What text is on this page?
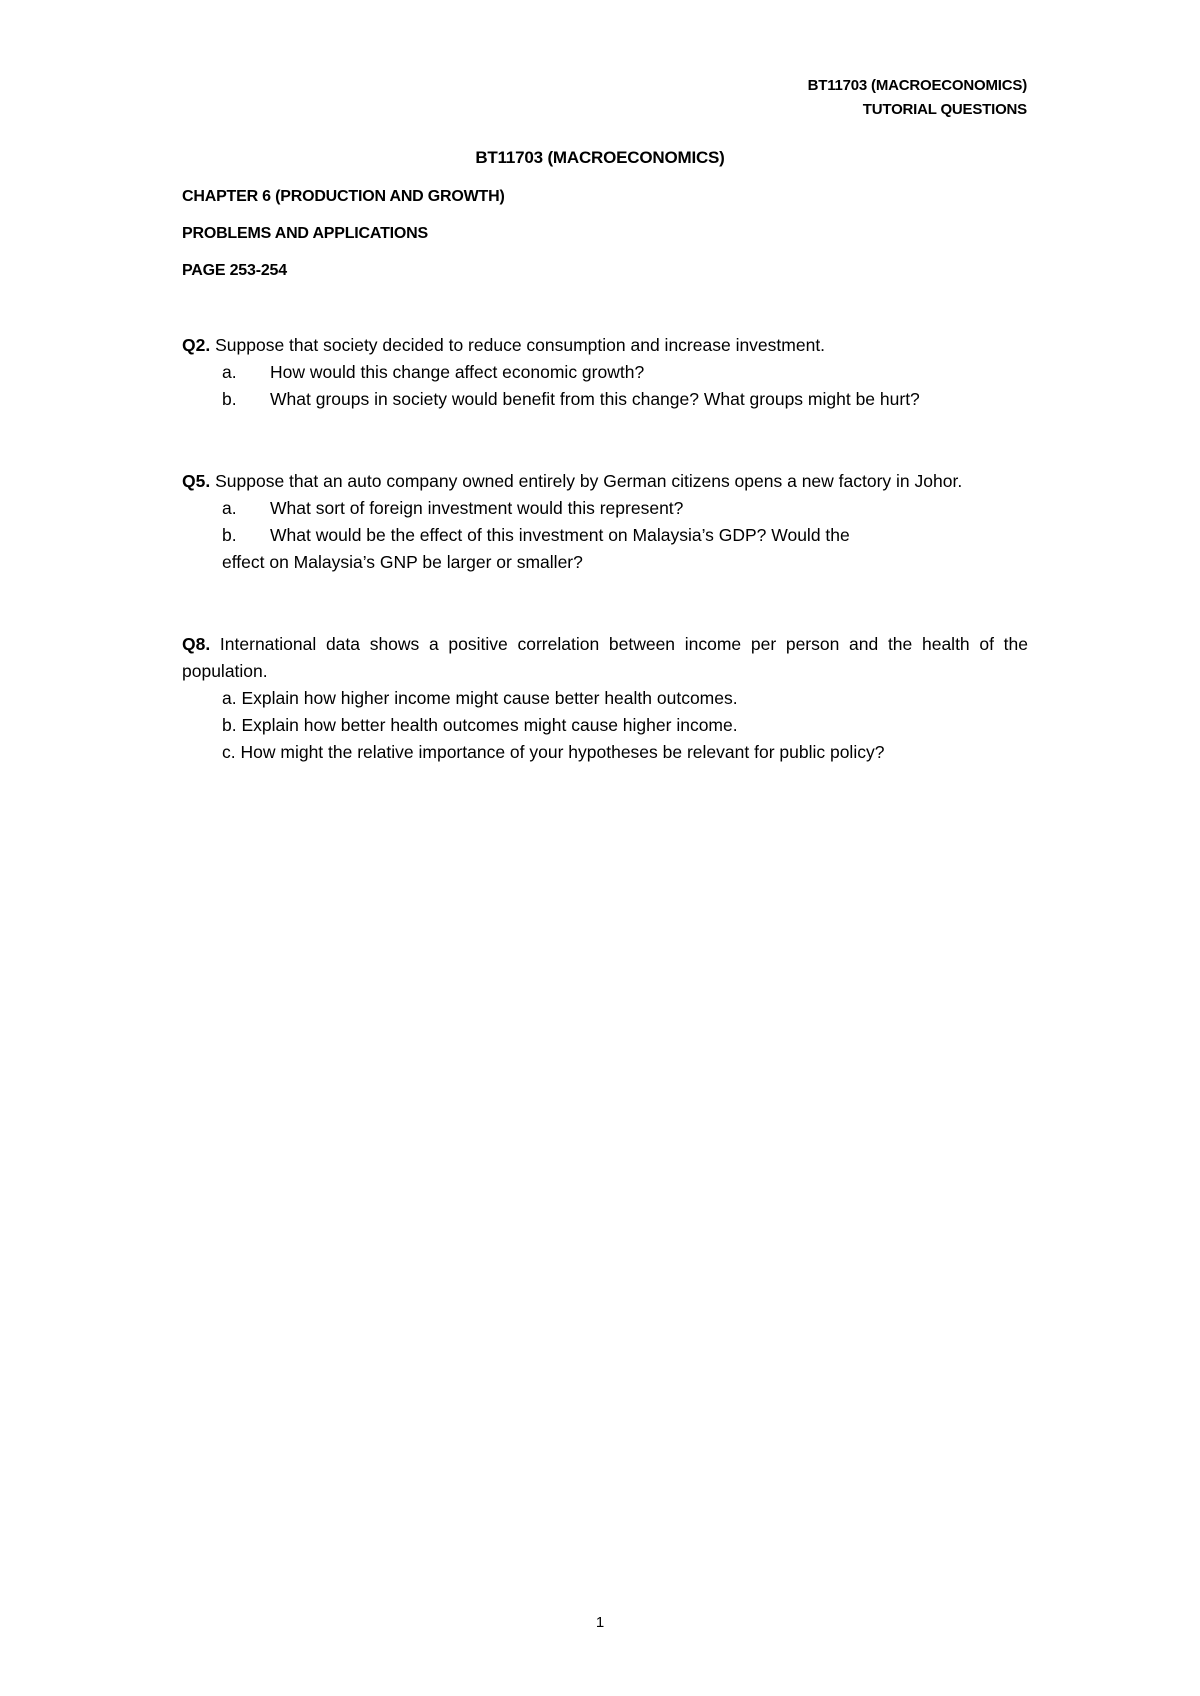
BT11703 (MACROECONOMICS)
TUTORIAL QUESTIONS
BT11703 (MACROECONOMICS)
CHAPTER 6 (PRODUCTION AND GROWTH)
PROBLEMS AND APPLICATIONS
PAGE 253-254
Q2. Suppose that society decided to reduce consumption and increase investment.
a. How would this change affect economic growth?
b. What groups in society would benefit from this change? What groups might be hurt?
Q5. Suppose that an auto company owned entirely by German citizens opens a new factory in Johor.
a. What sort of foreign investment would this represent?
b. What would be the effect of this investment on Malaysia’s GDP? Would the
effect on Malaysia’s GNP be larger or smaller?
Q8. International data shows a positive correlation between income per person and the health of the population.
a. Explain how higher income might cause better health outcomes.
b. Explain how better health outcomes might cause higher income.
c. How might the relative importance of your hypotheses be relevant for public policy?
1
